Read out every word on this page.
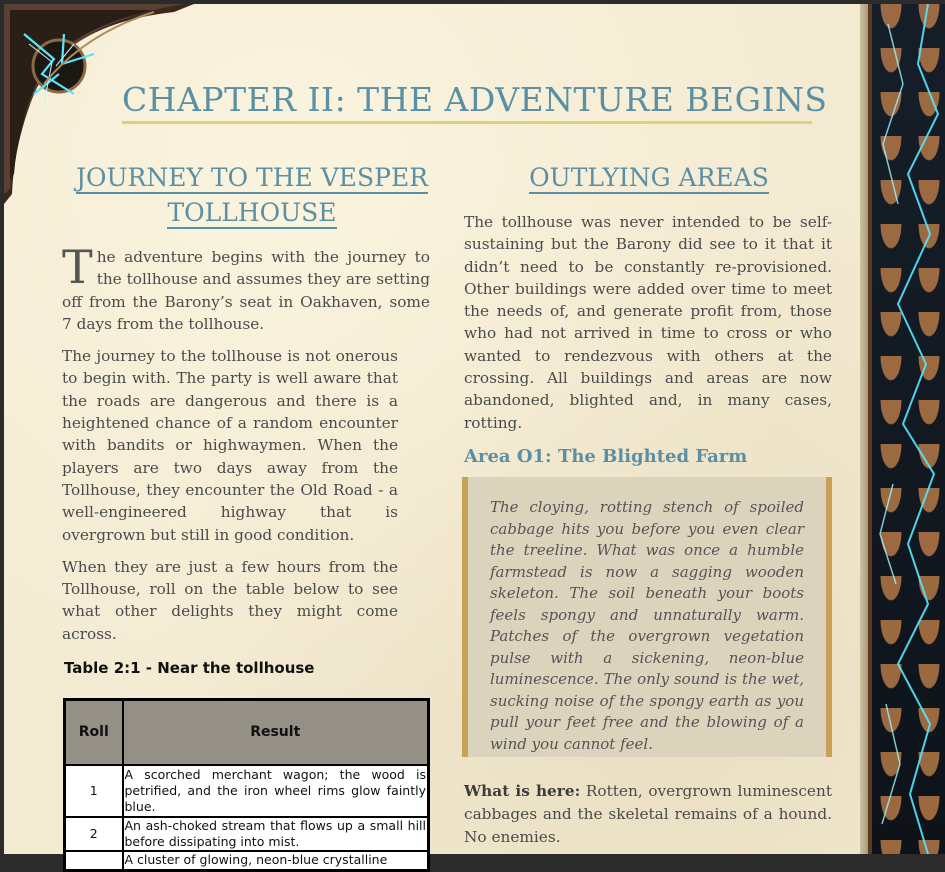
CHAPTER II: THE ADVENTURE BEGINS
JOURNEY TO THE VESPER TOLLHOUSE

The adventure begins with the journey to the tollhouse and assumes they are setting off from the Barony’s seat in Oakhaven, some 7 days from the tollhouse.

The journey to the tollhouse is not onerous to begin with. The party is well aware that the roads are dangerous and there is a heightened chance of a random encounter with bandits or highwaymen. When the players are two days away from the Tollhouse, they encounter the Old Road - a well-engineered highway that is overgrown but still in good condition.

When they are just a few hours from the Tollhouse, roll on the table below to see what other delights they might come across.

Table 2:1 - Near the tollhouse
Roll	Result
1	A scorched merchant wagon; the wood is petrified, and the iron wheel rims glow faintly blue.
2	An ash-choked stream that flows up a small hill before dissipating into mist.
	A cluster of glowing, neon-blue crystalline
OUTLYING AREAS

The tollhouse was never intended to be self-sustaining but the Barony did see to it that it didn’t need to be constantly re-provisioned. Other buildings were added over time to meet the needs of, and generate profit from, those who had not arrived in time to cross or who wanted to rendezvous with others at the crossing. All buildings and areas are now abandoned, blighted and, in many cases, rotting.

Area O1: The Blighted Farm
The cloying, rotting stench of spoiled cabbage hits you before you even clear the treeline. What was once a humble farmstead is now a sagging wooden skeleton. The soil beneath your boots feels spongy and unnaturally warm. Patches of the overgrown vegetation pulse with a sickening, neon-blue luminescence. The only sound is the wet, sucking noise of the spongy earth as you pull your feet free and the blowing of a wind you cannot feel.
What is here: Rotten, overgrown luminescent cabbages and the skeletal remains of a hound. No enemies.
